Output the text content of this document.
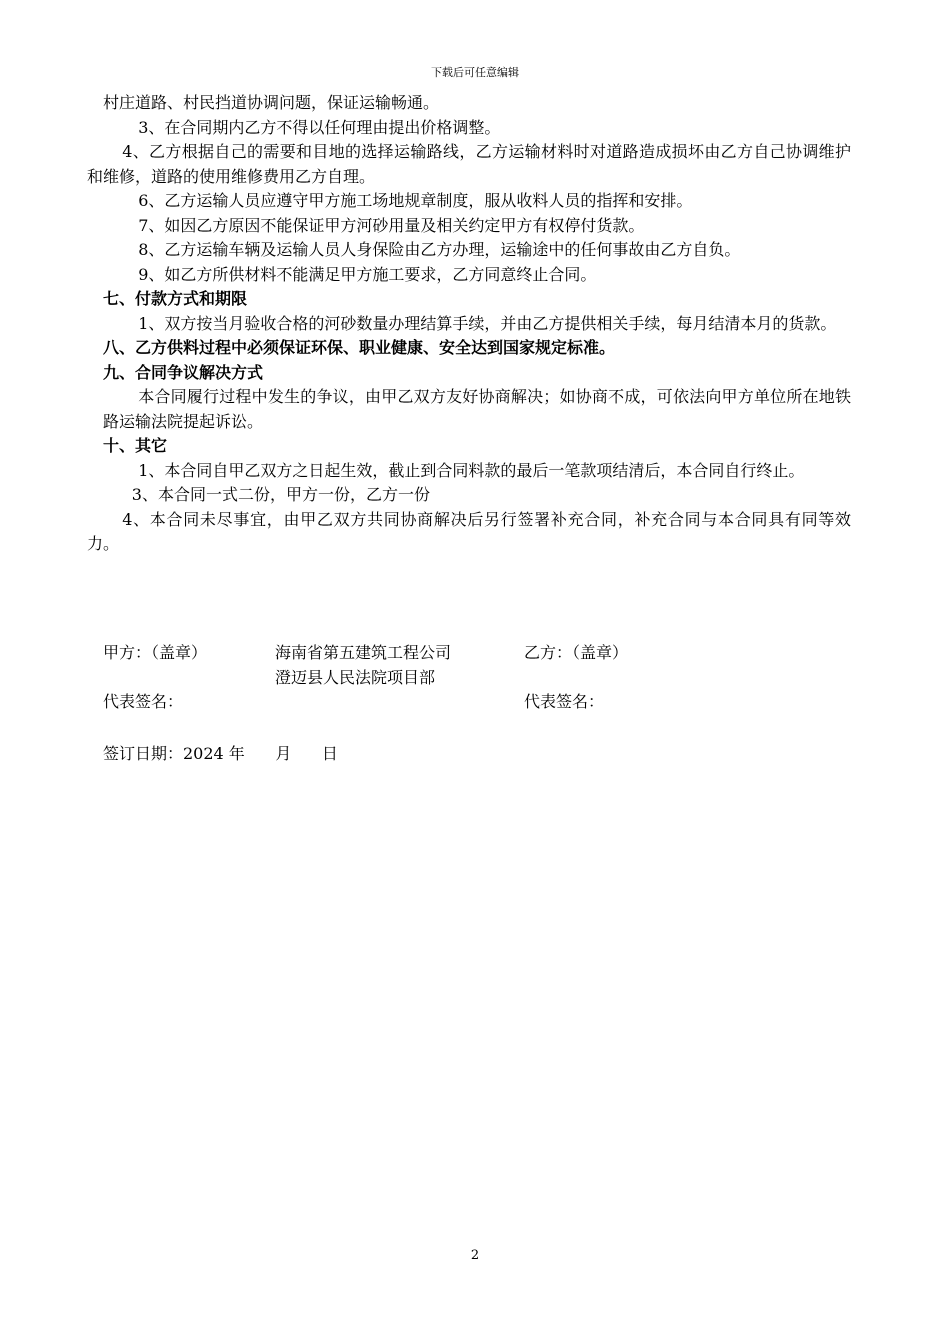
下载后可任意编辑

村庄道路、村民挡道协调问题，保证运输畅通。

3、在合同期内乙方不得以任何理由提出价格调整。

4、乙方根据自己的需要和目地的选择运输路线，乙方运输材料时对道路造成损坏由乙方自己协调维护和维修，道路的使用维修费用乙方自理。

6、乙方运输人员应遵守甲方施工场地规章制度，服从收料人员的指挥和安排。

7、如因乙方原因不能保证甲方河砂用量及相关约定甲方有权停付货款。

8、乙方运输车辆及运输人员人身保险由乙方办理，运输途中的任何事故由乙方自负。

9、如乙方所供材料不能满足甲方施工要求，乙方同意终止合同。

七、付款方式和期限

1、双方按当月验收合格的河砂数量办理结算手续，并由乙方提供相关手续，每月结清本月的货款。

八、乙方供料过程中必须保证环保、职业健康、安全达到国家规定标准。

九、合同争议解决方式

本合同履行过程中发生的争议，由甲乙双方友好协商解决；如协商不成，可依法向甲方单位所在地铁路运输法院提起诉讼。

十、其它

1、本合同自甲乙双方之日起生效，截止到合同料款的最后一笔款项结清后，本合同自行终止。

3、本合同一式二份，甲方一份，乙方一份

4、本合同未尽事宜，由甲乙双方共同协商解决后另行签署补充合同，补充合同与本合同具有同等效力。

甲方：（盖章）	海南省第五建筑工程公司	乙方：（盖章）
澄迈县人民法院项目部
代表签名：	代表签名：
签订日期：2024 年      月      日
2
